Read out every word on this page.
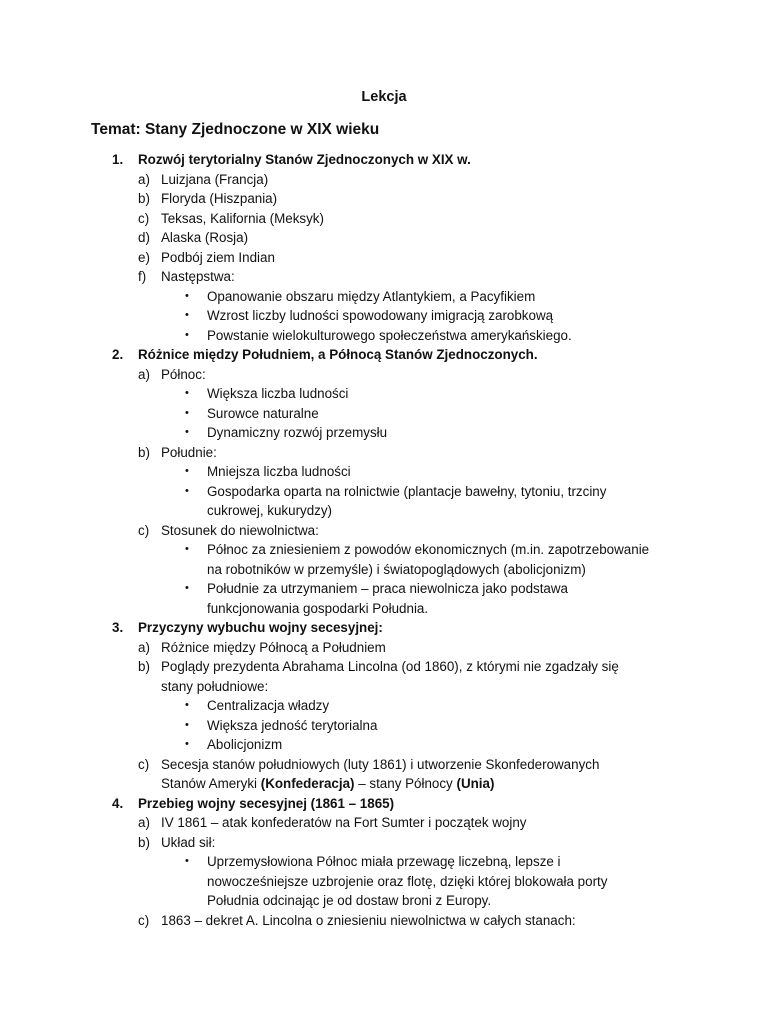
Lekcja
Temat: Stany Zjednoczone w XIX wieku
1. Rozwój terytorialny Stanów Zjednoczonych w XIX w.
a) Luizjana (Francja)
b) Floryda (Hiszpania)
c) Teksas, Kalifornia (Meksyk)
d) Alaska (Rosja)
e) Podbój ziem Indian
f) Następstwa:
• Opanowanie obszaru między Atlantykiem, a Pacyfikiem
• Wzrost liczby ludności spowodowany imigracją zarobkową
• Powstanie wielokulturowego społeczeństwa amerykańskiego.
2. Różnice między Południem, a Północą Stanów Zjednoczonych.
a) Północ:
• Większa liczba ludności
• Surowce naturalne
• Dynamiczny rozwój przemysłu
b) Południe:
• Mniejsza liczba ludności
• Gospodarka oparta na rolnictwie (plantacje bawełny, tytoniu, trzciny
cukrowej, kukurydzy)
c) Stosunek do niewolnictwa:
• Północ za zniesieniem z powodów ekonomicznych (m.in. zapotrzebowanie
na robotników w przemyśle) i światopoglądowych (abolicjonizm)
• Południe za utrzymaniem – praca niewolnicza jako podstawa
funkcjonowania gospodarki Południa.
3. Przyczyny wybuchu wojny secesyjnej:
a) Różnice między Północą a Południem
b) Poglądy prezydenta Abrahama Lincolna (od 1860), z którymi nie zgadzały się
stany południowe:
• Centralizacja władzy
• Większa jedność terytorialna
• Abolicjonizm
c) Secesja stanów południowych (luty 1861) i utworzenie Skonfederowanych
Stanów Ameryki (Konfederacja) – stany Północy (Unia)
4. Przebieg wojny secesyjnej (1861 – 1865)
a) IV 1861 – atak konfederatów na Fort Sumter i początek wojny
b) Układ sił:
• Uprzemysłowiona Północ miała przewagę liczebną, lepsze i
nowocześniejsze uzbrojenie oraz flotę, dzięki której blokowała porty
Południa odcinając je od dostaw broni z Europy.
c) 1863 – dekret A. Lincolna o zniesieniu niewolnictwa w całych stanach:
